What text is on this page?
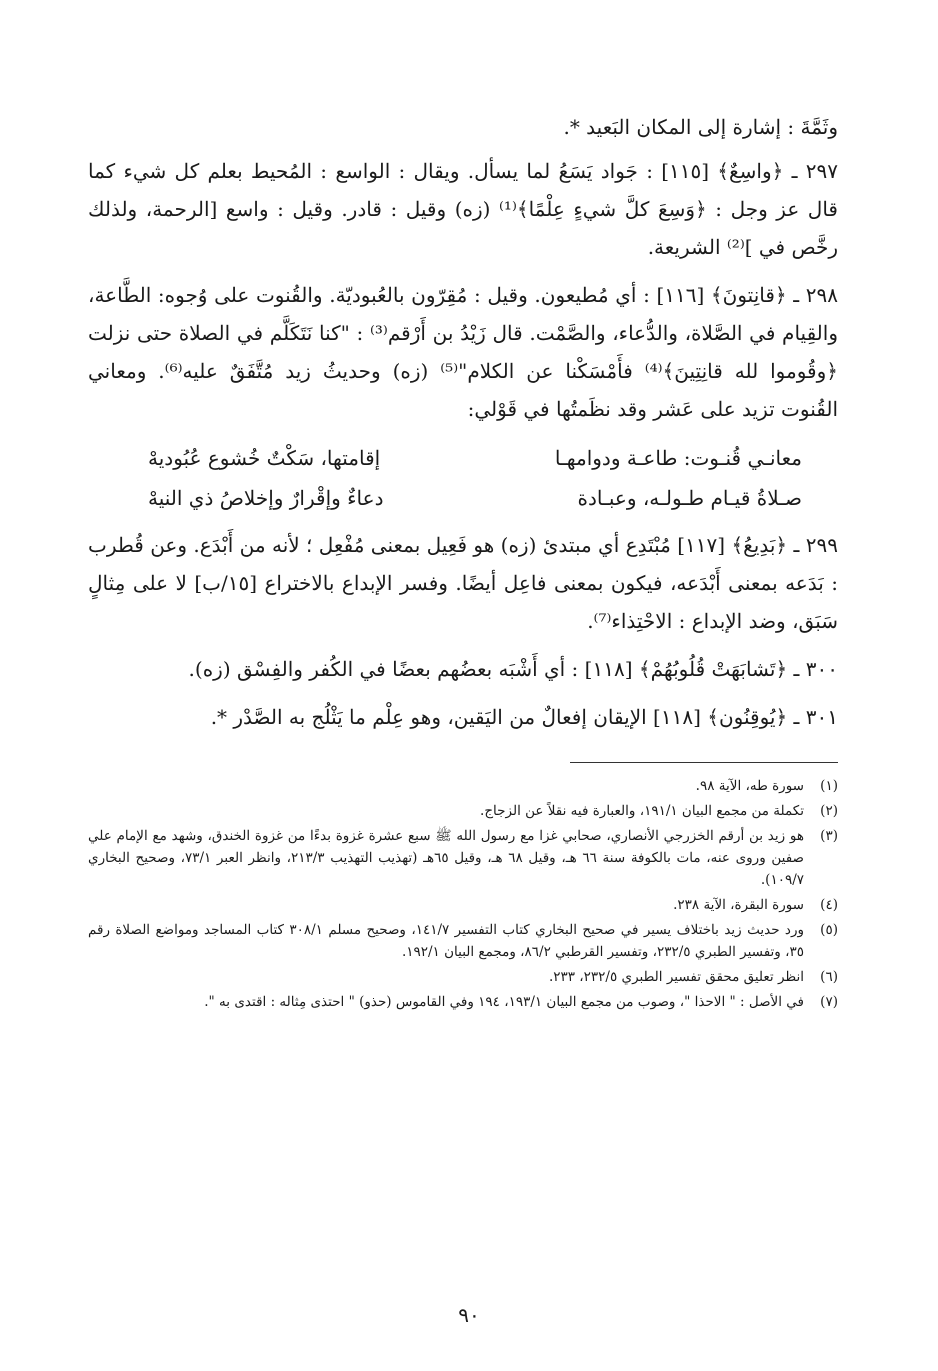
وثَمَّةَ : إشارة إلى المكان البَعيد *.

٢٩٧ ـ ﴿واسِعٌ﴾ [١١٥] : جَواد يَسَعُ لما يسأل. ويقال : الواسع : المُحيط بعلم كل شيء كما قال عز وجل : ﴿وَسِعَ كلَّ شيءٍ عِلْمًا﴾⁽¹⁾ (زه) وقيل : قادر. وقيل : واسع [الرحمة، ولذلك رخَّص في ]⁽²⁾ الشريعة.

٢٩٨ ـ ﴿قانِتونَ﴾ [١١٦] : أي مُطيعون. وقيل : مُقِرّون بالعُبوديّة. والقُنوت على وُجوه: الطَّاعة، والقِيام في الصَّلاة، والدُّعاء، والصَّمْت. قال زَيْدُ بن أَرْقم⁽³⁾ : "كنا نَتَكَلَّم في الصلاة حتى نزلت ﴿وقُوموا لله قانِتِينَ﴾⁽⁴⁾ فأَمْسَكْنا عن الكلام"⁽⁵⁾ (زه) وحديثُ زيد مُتَّفَقٌ عليه⁽⁶⁾. ومعاني القُنوت تزيد على عَشر وقد نظَمتُها في قَوْلي:

معانـي قُنـوت: طاعـة ودوامهـا
إقامتها، سَكْتٌ خُشوع عُبُوديهْ
صـلاةُ قيـام طـولـه، وعبـادة
دعاءٌ وإقْرارٌ وإخلاصُ ذي النيهْ

٢٩٩ ـ ﴿بَدِيعُ﴾ [١١٧] مُبْتَدِع أي مبتدئ (زه) هو فَعِيل بمعنى مُفْعِل ؛ لأنه من أَبْدَع. وعن قُطرب : بَدَعه بمعنى أَبْدَعه، فيكون بمعنى فاعِل أيضًا. وفسر الإبداع بالاختراع [١٥/ب] لا على مِثالٍ سَبَق، وضد الإبداع : الاحْتِذاء⁽⁷⁾.

٣٠٠ ـ ﴿تَشابَهَتْ قُلُوبُهُمْ﴾ [١١٨] : أي أَشْبَه بعضُهم بعضًا في الكُفر والفِسْق (زه).

٣٠١ ـ ﴿يُوقِنُون﴾ [١١٨] الإيقان إفعالٌ من اليَقين، وهو عِلْم ما يَثْلُج به الصَّدْر *.

(١)
سورة طه، الآية ٩٨.
(٢)
تكملة من مجمع البيان ١٩١/١، والعبارة فيه نقلاً عن الزجاج.
(٣)
هو زيد بن أرقم الخزرجي الأنصاري، صحابي غزا مع رسول الله ﷺ سبع عشرة غزوة بدءًا من غزوة الخندق، وشهد مع الإمام علي صفين وروى عنه، مات بالكوفة سنة ٦٦ هـ، وقيل ٦٨ هـ، وقيل ٦٥هـ (تهذيب التهذيب ٢١٣/٣، وانظر العبر ٧٣/١، وصحيح البخاري ١٠٩/٧).
(٤)
سورة البقرة، الآية ٢٣٨.
(٥)
ورد حديث زيد باختلاف يسير في صحيح البخاري كتاب التفسير ١٤١/٧، وصحيح مسلم ٣٠٨/١ كتاب المساجد ومواضع الصلاة رقم ٣٥، وتفسير الطبري ٢٣٢/٥، وتفسير القرطبي ٨٦/٢، ومجمع البيان ١٩٢/١.
(٦)
انظر تعليق محقق تفسير الطبري ٢٣٢/٥، ٢٣٣.
(٧)
في الأصل : " الاحذا "، وصوب من مجمع البيان ١٩٣/١، ١٩٤ وفي القاموس (حذو) " احتذى مِثاله : اقتدى به ".
٩٠
